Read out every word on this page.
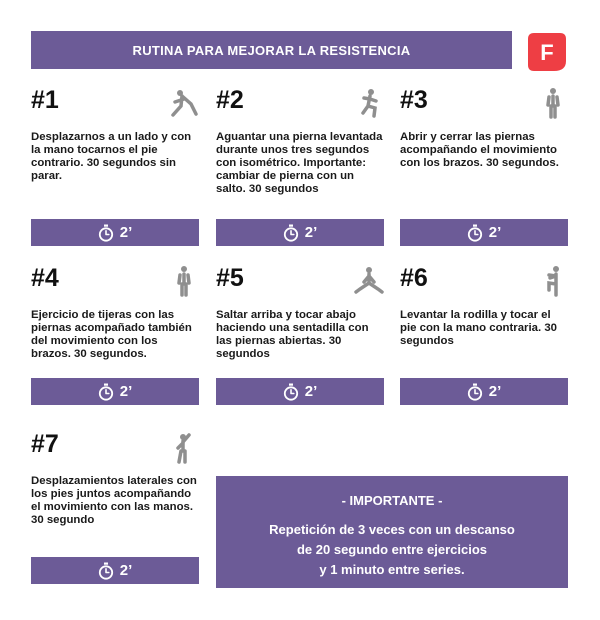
RUTINA PARA MEJORAR LA RESISTENCIA	F
#1
Desplazarnos a un lado y con la mano tocarnos el pie contrario. 30 segundos sin parar.
2’
#2
Aguantar una pierna levantada durante unos tres segundos con isométrico. Importante: cambiar de pierna con un salto. 30 segundos
2’
#3
Abrir y cerrar las piernas acompañando el movimiento con los brazos. 30 segundos.
2’
#4
Ejercicio de tijeras con las piernas acompañado también del movimiento con los brazos. 30 segundos.
2’
#5
Saltar arriba y tocar abajo haciendo una sentadilla con las piernas abiertas. 30 segundos
2’
#6
Levantar la rodilla y tocar el pie con la mano contraria. 30 segundos
2’
#7
Desplazamientos laterales con los pies juntos acompañando el movimiento con las manos. 30 segundo
2’
- IMPORTANTE -
Repetición de 3 veces con un descanso
de 20 segundo entre ejercicios
y 1 minuto entre series.
